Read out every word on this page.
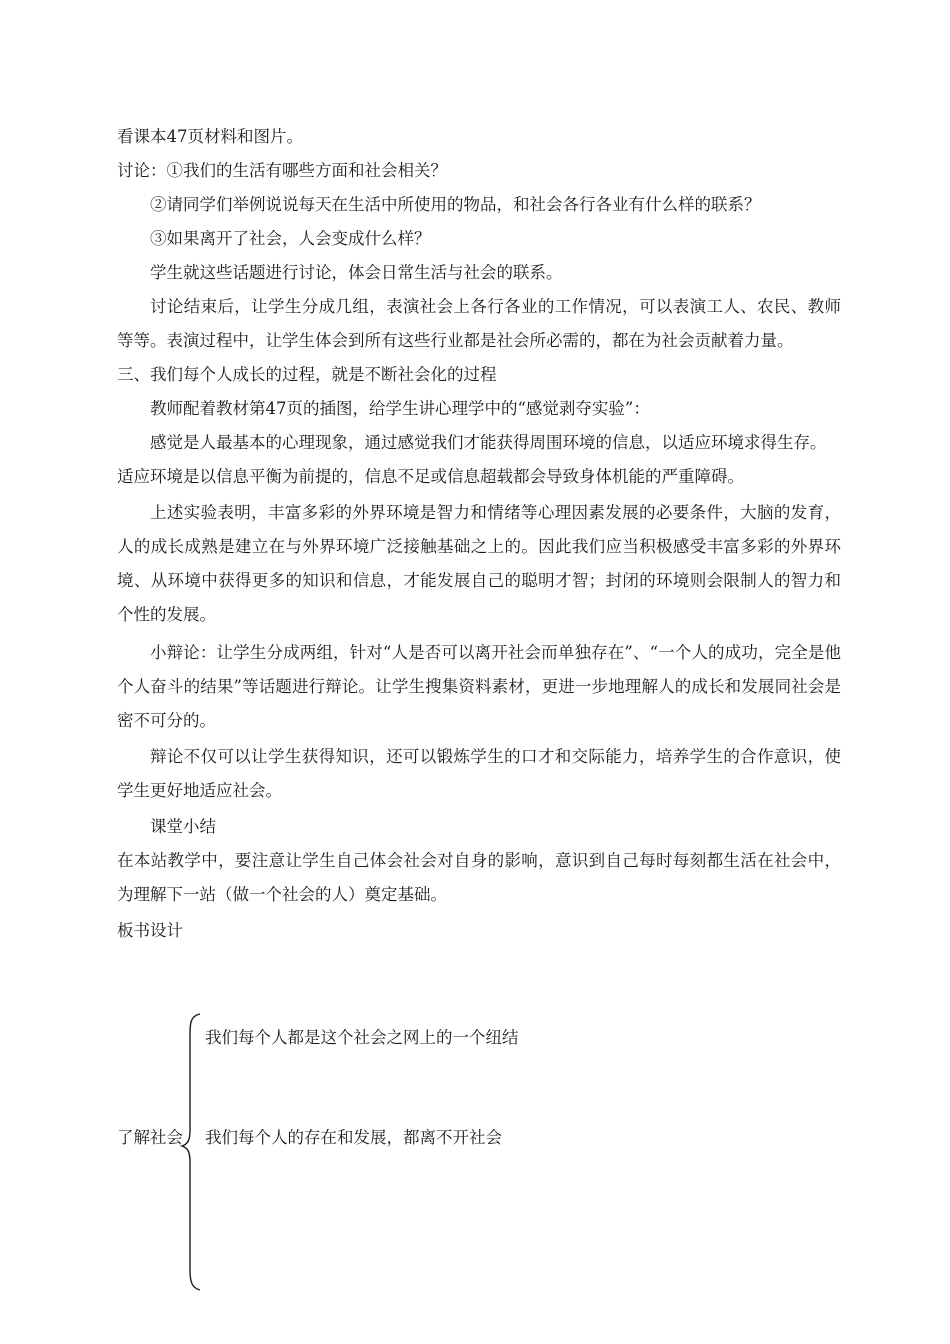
看课本47页材料和图片。

讨论：①我们的生活有哪些方面和社会相关？

②请同学们举例说说每天在生活中所使用的物品，和社会各行各业有什么样的联系？

③如果离开了社会，人会变成什么样？

学生就这些话题进行讨论，体会日常生活与社会的联系。

讨论结束后，让学生分成几组，表演社会上各行各业的工作情况，可以表演工人、农民、教师等等。表演过程中，让学生体会到所有这些行业都是社会所必需的，都在为社会贡献着力量。

三、我们每个人成长的过程，就是不断社会化的过程

教师配着教材第47页的插图，给学生讲心理学中的“感觉剥夺实验”：

感觉是人最基本的心理现象，通过感觉我们才能获得周围环境的信息，以适应环境求得生存。

适应环境是以信息平衡为前提的，信息不足或信息超载都会导致身体机能的严重障碍。

上述实验表明，丰富多彩的外界环境是智力和情绪等心理因素发展的必要条件，大脑的发育，人的成长成熟是建立在与外界环境广泛接触基础之上的。因此我们应当积极感受丰富多彩的外界环境、从环境中获得更多的知识和信息，才能发展自己的聪明才智；封闭的环境则会限制人的智力和个性的发展。

小辩论：让学生分成两组，针对“人是否可以离开社会而单独存在”、“一个人的成功，完全是他个人奋斗的结果”等话题进行辩论。让学生搜集资料素材，更进一步地理解人的成长和发展同社会是密不可分的。

辩论不仅可以让学生获得知识，还可以锻炼学生的口才和交际能力，培养学生的合作意识，使学生更好地适应社会。

课堂小结

在本站教学中，要注意让学生自己体会社会对自身的影响，意识到自己每时每刻都生活在社会中，为理解下一站（做一个社会的人）奠定基础。

板书设计

了解社会
我们每个人都是这个社会之网上的一个纽结
我们每个人的存在和发展，都离不开社会
